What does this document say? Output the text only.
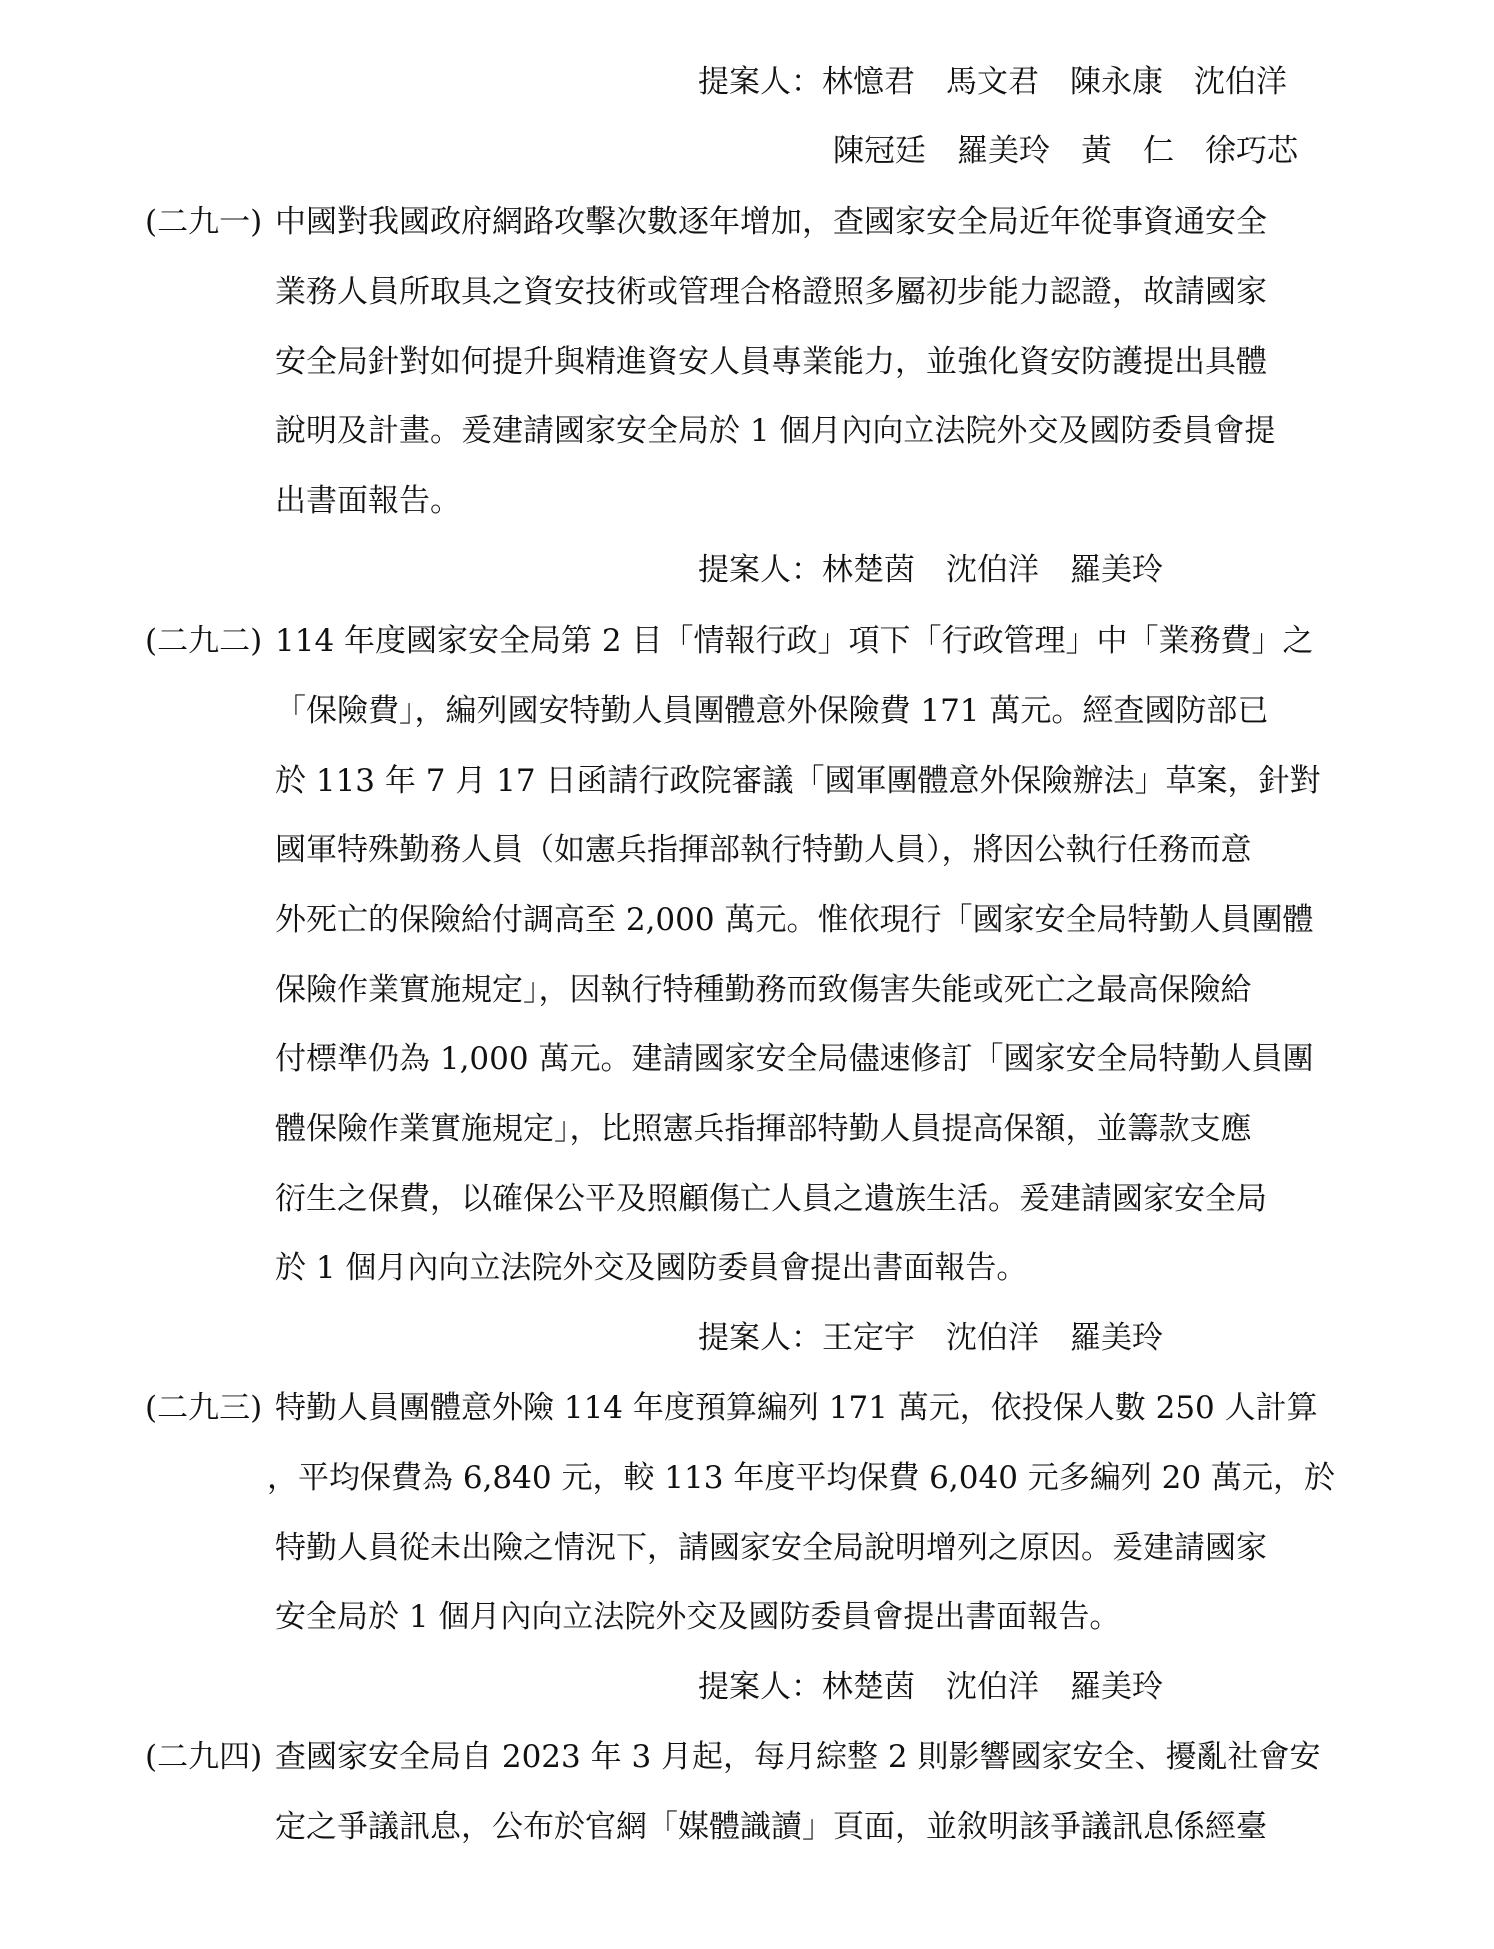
提案人：林憶君　馬文君　陳永康　沈伯洋
陳冠廷　羅美玲　黃　仁　徐巧芯
(二九一) 中國對我國政府網路攻擊次數逐年增加，查國家安全局近年從事資通安全
業務人員所取具之資安技術或管理合格證照多屬初步能力認證，故請國家
安全局針對如何提升與精進資安人員專業能力，並強化資安防護提出具體
說明及計畫。爰建請國家安全局於 1 個月內向立法院外交及國防委員會提
出書面報告。
提案人：林楚茵　沈伯洋　羅美玲
(二九二) 114 年度國家安全局第 2 目「情報行政」項下「行政管理」中「業務費」之
「保險費」，編列國安特勤人員團體意外保險費 171 萬元。經查國防部已
於 113 年 7 月 17 日函請行政院審議「國軍團體意外保險辦法」草案，針對
國軍特殊勤務人員（如憲兵指揮部執行特勤人員），將因公執行任務而意
外死亡的保險給付調高至 2,000 萬元。惟依現行「國家安全局特勤人員團體
保險作業實施規定」，因執行特種勤務而致傷害失能或死亡之最高保險給
付標準仍為 1,000 萬元。建請國家安全局儘速修訂「國家安全局特勤人員團
體保險作業實施規定」，比照憲兵指揮部特勤人員提高保額，並籌款支應
衍生之保費，以確保公平及照顧傷亡人員之遺族生活。爰建請國家安全局
於 1 個月內向立法院外交及國防委員會提出書面報告。
提案人：王定宇　沈伯洋　羅美玲
(二九三) 特勤人員團體意外險 114 年度預算編列 171 萬元，依投保人數 250 人計算
，平均保費為 6,840 元，較 113 年度平均保費 6,040 元多編列 20 萬元，於
特勤人員從未出險之情況下，請國家安全局說明增列之原因。爰建請國家
安全局於 1 個月內向立法院外交及國防委員會提出書面報告。
提案人：林楚茵　沈伯洋　羅美玲
(二九四) 查國家安全局自 2023 年 3 月起，每月綜整 2 則影響國家安全、擾亂社會安
定之爭議訊息，公布於官網「媒體識讀」頁面，並敘明該爭議訊息係經臺
